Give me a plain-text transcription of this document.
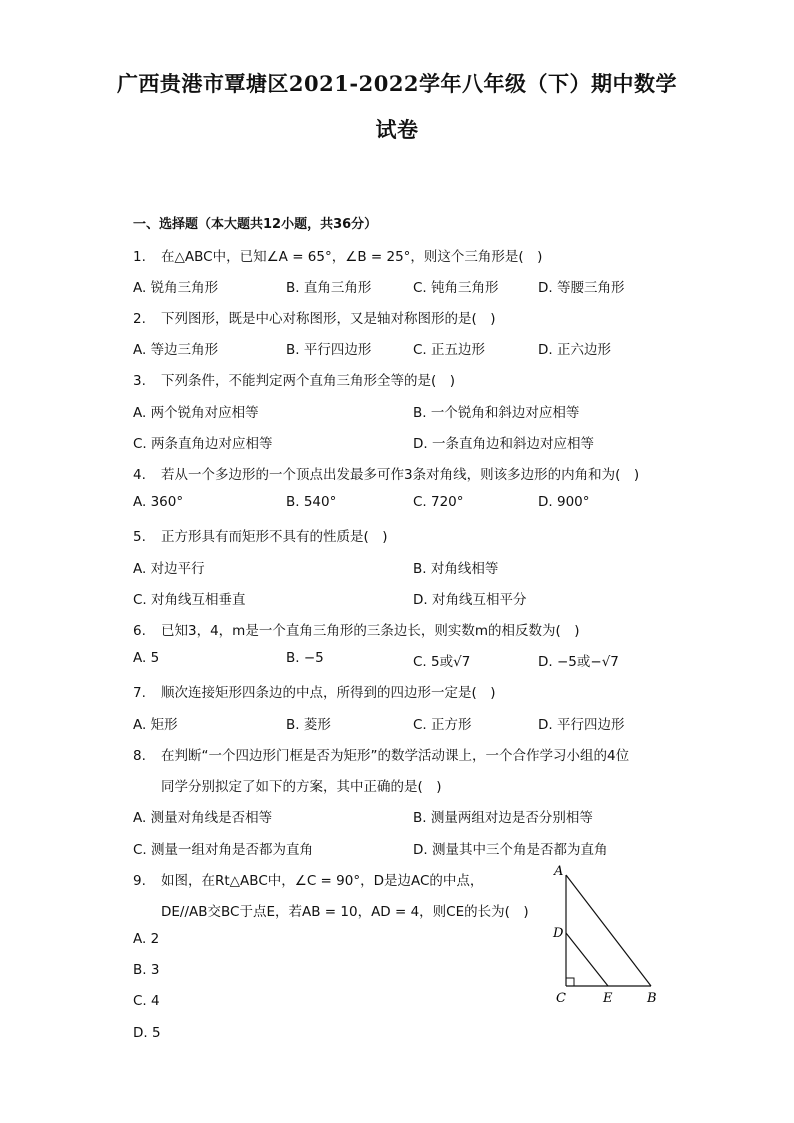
广西贵港市覃塘区2021-2022学年八年级（下）期中数学
试卷
一、选择题（本大题共12小题，共36分）
1. 在△ABC中，已知∠A = 65°，∠B = 25°，则这个三角形是(　)
A. 锐角三角形	B. 直角三角形	C. 钝角三角形	D. 等腰三角形
2. 下列图形，既是中心对称图形，又是轴对称图形的是(　)
A. 等边三角形	B. 平行四边形	C. 正五边形	D. 正六边形
3. 下列条件，不能判定两个直角三角形全等的是(　)
A. 两个锐角对应相等	B. 一个锐角和斜边对应相等
C. 两条直角边对应相等	D. 一条直角边和斜边对应相等
4. 若从一个多边形的一个顶点出发最多可作3条对角线，则该多边形的内角和为(　)
A. 360°	B. 540°	C. 720°	D. 900°
5. 正方形具有而矩形不具有的性质是(　)
A. 对边平行	B. 对角线相等
C. 对角线互相垂直	D. 对角线互相平分
6. 已知3，4，m是一个直角三角形的三条边长，则实数m的相反数为(　)
A. 5	B. −5	C. 5或√7	D. −5或−√7
7. 顺次连接矩形四条边的中点，所得到的四边形一定是(　)
A. 矩形	B. 菱形	C. 正方形	D. 平行四边形
8. 在判断“一个四边形门框是否为矩形”的数学活动课上，一个合作学习小组的4位
同学分别拟定了如下的方案，其中正确的是(　)
A. 测量对角线是否相等	B. 测量两组对边是否分别相等
C. 测量一组对角是否都为直角	D. 测量其中三个角是否都为直角
9. 如图，在Rt△ABC中，∠C = 90°，D是边AC的中点，
DE//AB交BC于点E，若AB = 10，AD = 4，则CE的长为(　)
A. 2
B. 3
C. 4
D. 5
A
D
C	E	B
